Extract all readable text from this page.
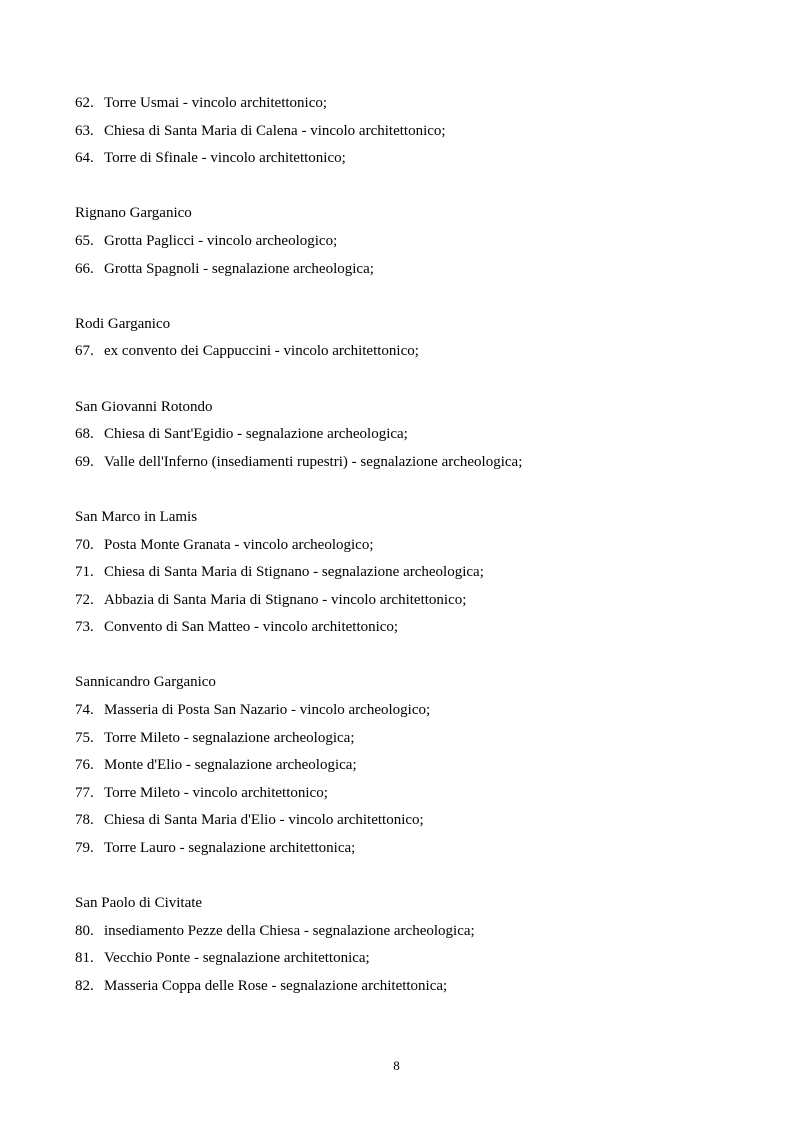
62. Torre Usmai - vincolo architettonico;
63. Chiesa di Santa Maria di Calena - vincolo architettonico;
64. Torre di Sfinale - vincolo architettonico;
Rignano Garganico
65. Grotta Paglicci - vincolo archeologico;
66. Grotta Spagnoli - segnalazione archeologica;
Rodi Garganico
67. ex convento dei Cappuccini - vincolo architettonico;
San Giovanni Rotondo
68. Chiesa di Sant'Egidio - segnalazione archeologica;
69. Valle dell'Inferno (insediamenti rupestri) - segnalazione archeologica;
San Marco in Lamis
70. Posta Monte Granata - vincolo archeologico;
71. Chiesa di Santa Maria di Stignano - segnalazione archeologica;
72. Abbazia di Santa Maria di Stignano - vincolo architettonico;
73. Convento di San Matteo - vincolo architettonico;
Sannicandro Garganico
74. Masseria di Posta San Nazario - vincolo archeologico;
75. Torre Mileto - segnalazione archeologica;
76. Monte d'Elio - segnalazione archeologica;
77. Torre Mileto - vincolo architettonico;
78. Chiesa di Santa Maria d'Elio - vincolo architettonico;
79. Torre Lauro - segnalazione architettonica;
San Paolo di Civitate
80. insediamento Pezze della Chiesa - segnalazione archeologica;
81. Vecchio Ponte - segnalazione architettonica;
82. Masseria Coppa delle Rose - segnalazione architettonica;
8
